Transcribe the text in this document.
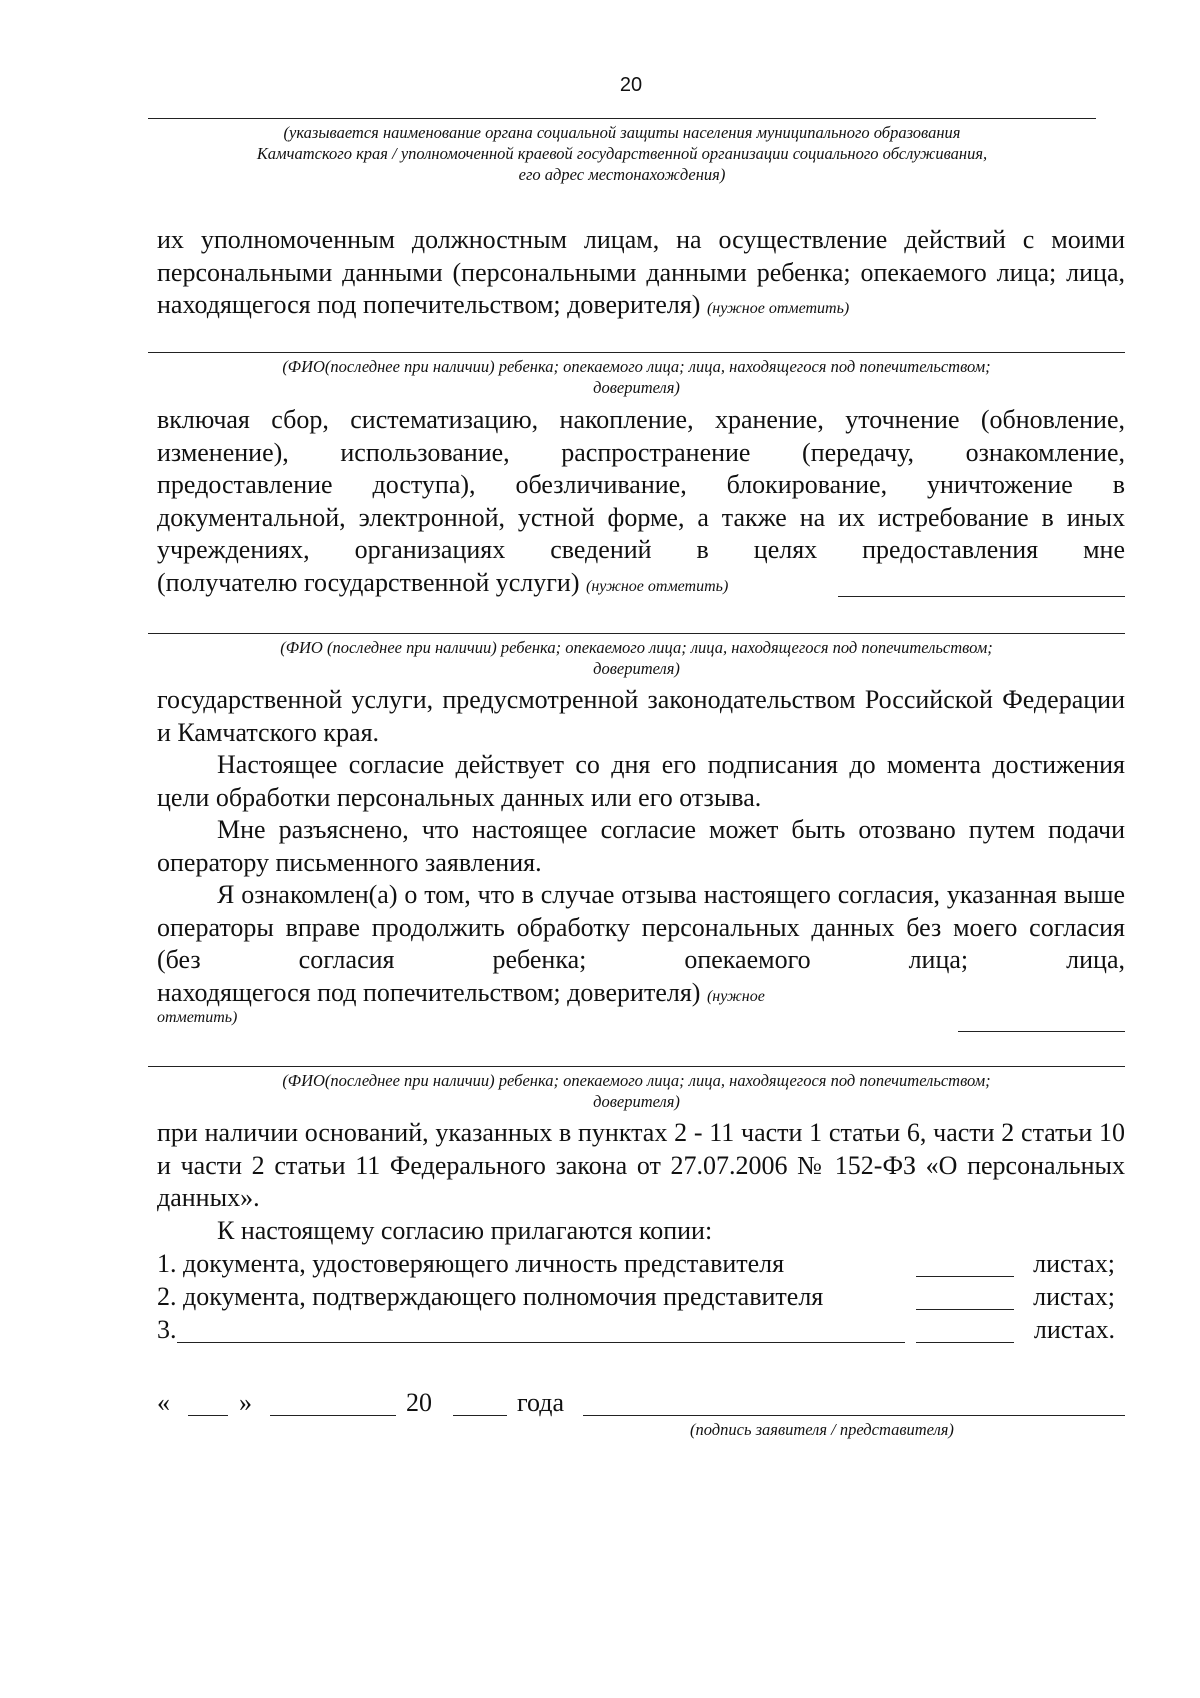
20
(указывается наименование органа социальной защиты населения муниципального образования
Камчатского края / уполномоченной краевой государственной организации социального обслуживания,
его адрес местонахождения)
их уполномоченным должностным лицам, на осуществление действий с моими персональными данными (персональными данными ребенка; опекаемого лица; лица, находящегося под попечительством; доверителя) (нужное отметить)
(ФИО(последнее при наличии) ребенка; опекаемого лица; лица, находящегося под попечительством;
доверителя)
включая сбор, систематизацию, накопление, хранение, уточнение (обновление, изменение), использование, распространение (передачу, ознакомление, предоставление доступа), обезличивание, блокирование, уничтожение в документальной, электронной, устной форме, а также на их истребование в иных учреждениях, организациях сведений в целях предоставления мне
(получателю государственной услуги) (нужное отметить)
(ФИО (последнее при наличии) ребенка; опекаемого лица; лица, находящегося под попечительством;
доверителя)
государственной услуги, предусмотренной законодательством Российской Федерации и Камчатского края.
Настоящее согласие действует со дня его подписания до момента достижения цели обработки персональных данных или его отзыва.
Мне разъяснено, что настоящее согласие может быть отозвано путем подачи оператору письменного заявления.
Я ознакомлен(а) о том, что в случае отзыва настоящего согласия, указанная выше операторы вправе продолжить обработку персональных данных без моего согласия (без согласия ребенка; опекаемого лица; лица,
находящегося под попечительством; доверителя) (нужное
отметить)
(ФИО(последнее при наличии) ребенка; опекаемого лица; лица, находящегося под попечительством;
доверителя)
при наличии оснований, указанных в пунктах 2 - 11 части 1 статьи 6, части 2 статьи 10 и части 2 статьи 11 Федерального закона от 27.07.2006 № 152-ФЗ «О персональных данных».
К настоящему согласию прилагаются копии:
1. документа, удостоверяющего личность представителя	листах;
2. документа, подтверждающего полномочия представителя	листах;
3.	листах.
«	»	20	года
(подпись заявителя / представителя)
